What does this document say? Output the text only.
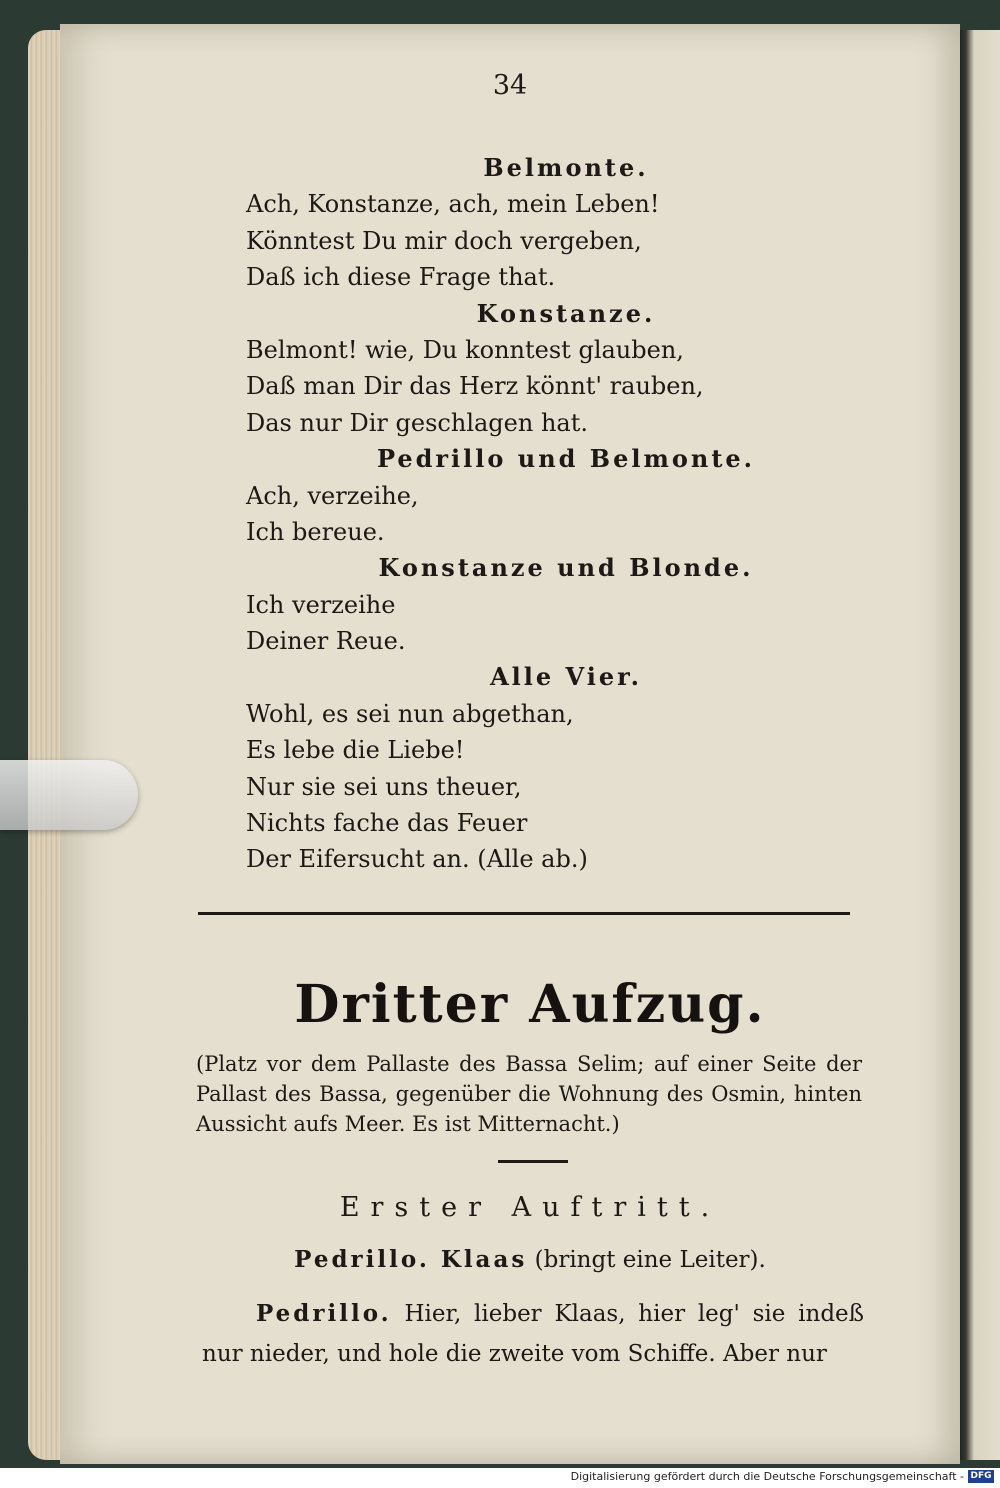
34
Belmonte.
Ach, Konstanze, ach, mein Leben!
Könntest Du mir doch vergeben,
Daß ich diese Frage that.
Konstanze.
Belmont! wie, Du konntest glauben,
Daß man Dir das Herz könnt' rauben,
Das nur Dir geschlagen hat.
Pedrillo und Belmonte.
Ach, verzeihe,
Ich bereue.
Konstanze und Blonde.
Ich verzeihe
Deiner Reue.
Alle Vier.
Wohl, es sei nun abgethan,
Es lebe die Liebe!
Nur sie sei uns theuer,
Nichts fache das Feuer
Der Eifersucht an. (Alle ab.)
Dritter Aufzug.
(Platz vor dem Pallaste des Bassa Selim; auf einer Seite der Pallast des Bassa, gegenüber die Wohnung des Osmin, hinten Aussicht aufs Meer. Es ist Mitternacht.)
Erster Auftritt.
Pedrillo. Klaas (bringt eine Leiter).
Pedrillo. Hier, lieber Klaas, hier leg' sie indeß nur nieder, und hole die zweite vom Schiffe. Aber nur
Digitalisierung gefördert durch die Deutsche Forschungsgemeinschaft - DFG
